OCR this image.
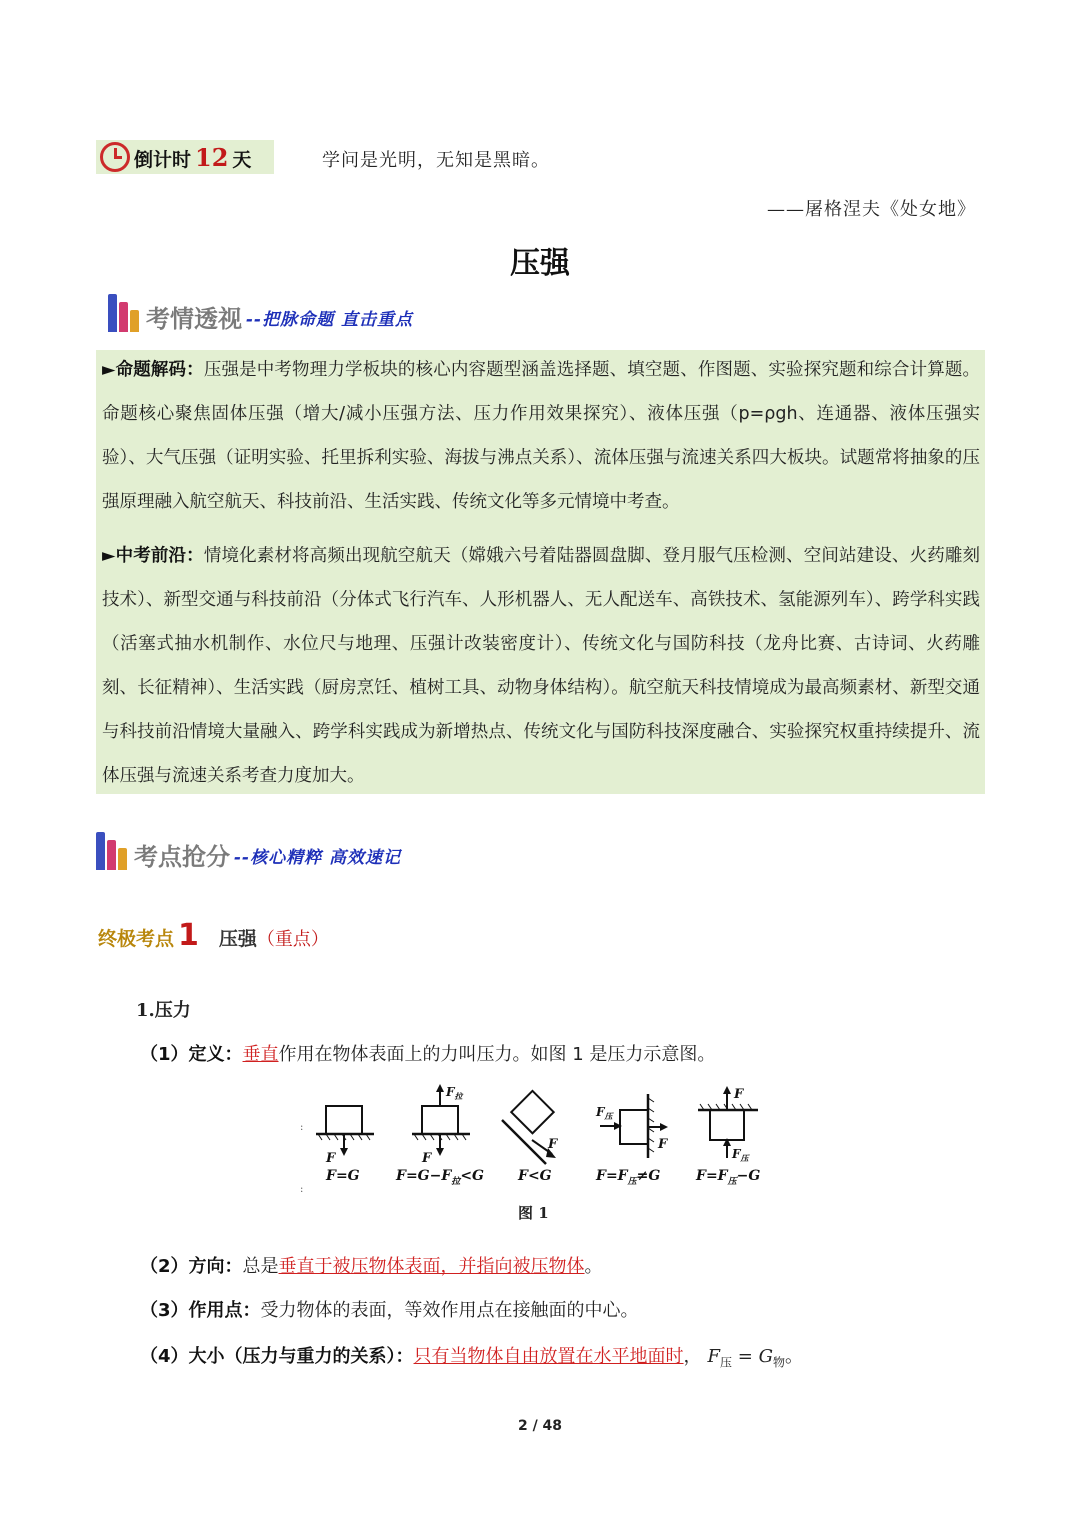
倒计时 12 天	学问是光明，无知是黑暗。
——屠格涅夫《处女地》
压强
考情透视 --把脉命题 直击重点
►命题解码：压强是中考物理力学板块的核心内容题型涵盖选择题、填空题、作图题、实验探究题和综合计算题。命题核心聚焦固体压强（增大/减小压强方法、压力作用效果探究）、液体压强（p=ρgh、连通器、液体压强实验）、大气压强（证明实验、托里拆利实验、海拔与沸点关系）、流体压强与流速关系四大板块。试题常将抽象的压强原理融入航空航天、科技前沿、生活实践、传统文化等多元情境中考查。
►中考前沿：情境化素材将高频出现航空航天（嫦娥六号着陆器圆盘脚、登月服气压检测、空间站建设、火药雕刻技术）、新型交通与科技前沿（分体式飞行汽车、人形机器人、无人配送车、高铁技术、氢能源列车）、跨学科实践（活塞式抽水机制作、水位尺与地理、压强计改装密度计）、传统文化与国防科技（龙舟比赛、古诗词、火药雕刻、长征精神）、生活实践（厨房烹饪、植树工具、动物身体结构）。航空航天科技情境成为最高频素材、新型交通与科技前沿情境大量融入、跨学科实践成为新增热点、传统文化与国防科技深度融合、实验探究权重持续提升、流体压强与流速关系考查力度加大。
考点抢分 --核心精粹 高效速记
终极考点 1 压强（重点）
1.压力
（1）定义：垂直作用在物体表面上的力叫压力。如图 1 是压力示意图。
:
:
F
F=G
$F_拉$
F
$F=G-F_拉<G$
F
F<G
$F_压$
F
$F=F_压\ne G$
F
$F_压$
$F=F_压-G$
图 1
（2）方向：总是垂直于被压物体表面，并指向被压物体。
（3）作用点：受力物体的表面，等效作用点在接触面的中心。
（4）大小（压力与重力的关系）：只有当物体自由放置在水平地面时， $F_压 = G_物$。
2 / 48
